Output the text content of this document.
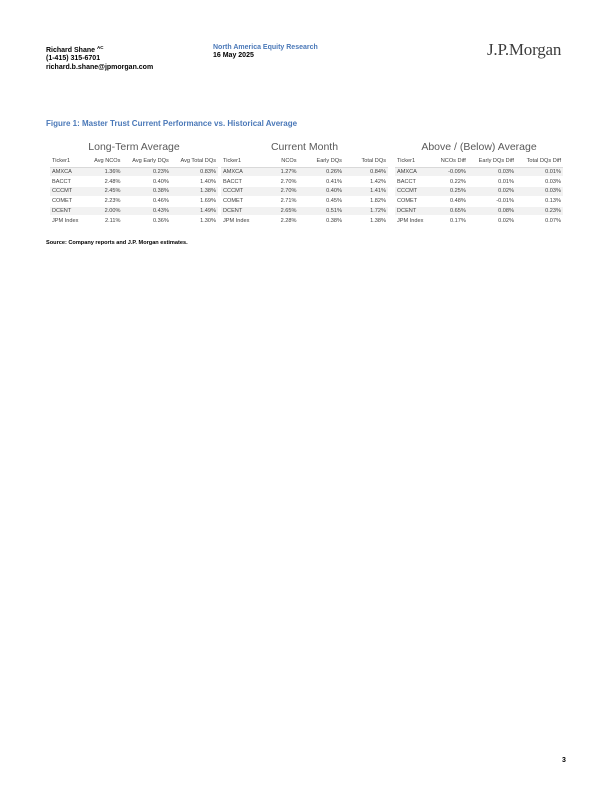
Richard Shane $^{AC}$
(1-415) 315-6701
richard.b.shane@jpmorgan.com
North America Equity Research
16 May 2025	J.P.Morgan
Figure 1: Master Trust Current Performance vs. Historical Average
Long-Term Average
Ticker1	Avg NCOs	Avg Early DQs	Avg Total DQs
AMXCA	1.36%	0.23%	0.83%
BACCT	2.48%	0.40%	1.40%
CCCMT	2.45%	0.38%	1.38%
COMET	2.23%	0.46%	1.69%
DCENT	2.00%	0.43%	1.49%
JPM Index	2.11%	0.36%	1.30%
Current Month
Ticker1	NCOs	Early DQs	Total DQs
AMXCA	1.27%	0.26%	0.84%
BACCT	2.70%	0.41%	1.42%
CCCMT	2.70%	0.40%	1.41%
COMET	2.71%	0.45%	1.82%
DCENT	2.65%	0.51%	1.72%
JPM Index	2.28%	0.38%	1.38%
Above / (Below) Average
Ticker1	NCOs Diff	Early DQs Diff	Total DQs Diff
AMXCA	-0.09%	0.03%	0.01%
BACCT	0.22%	0.01%	0.03%
CCCMT	0.25%	0.02%	0.03%
COMET	0.48%	-0.01%	0.13%
DCENT	0.65%	0.08%	0.23%
JPM Index	0.17%	0.02%	0.07%
Source: Company reports and J.P. Morgan estimates.
3
